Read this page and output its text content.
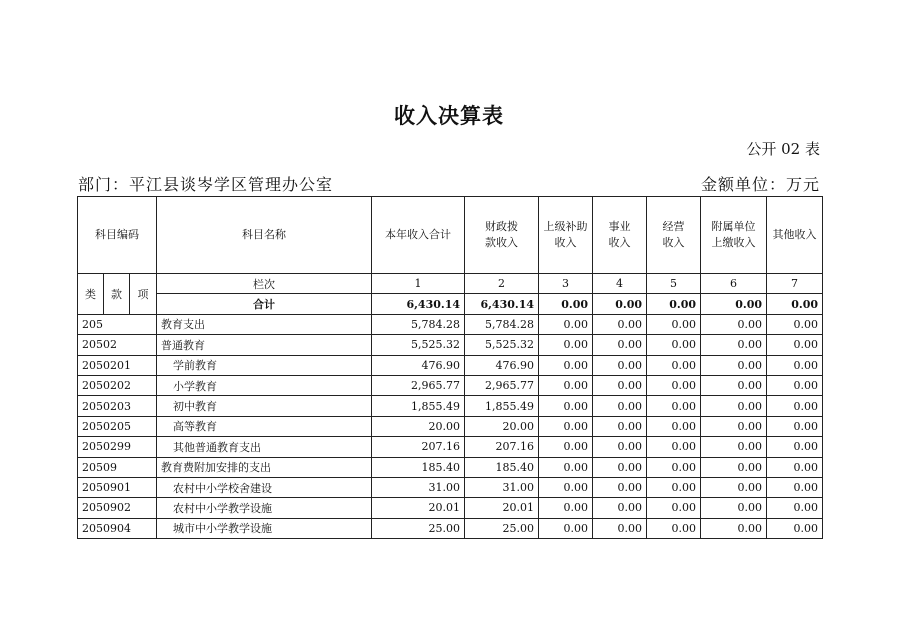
收入决算表
公开 02 表
部门：平江县谈岑学区管理办公室	金额单位：万元
科目编码			科目名称	本年收入合计	财政拨款收入	上级补助收入	事业收入	经营收入	附属单位上缴收入	其他收入
类	款	项	栏次	1	2	3	4	5	6	7
			合计	6,430.14	6,430.14	0.00	0.00	0.00	0.00	0.00
205			教育支出	5,784.28	5,784.28	0.00	0.00	0.00	0.00	0.00
20502			普通教育	5,525.32	5,525.32	0.00	0.00	0.00	0.00	0.00
2050201			学前教育	476.90	476.90	0.00	0.00	0.00	0.00	0.00
2050202			小学教育	2,965.77	2,965.77	0.00	0.00	0.00	0.00	0.00
2050203			初中教育	1,855.49	1,855.49	0.00	0.00	0.00	0.00	0.00
2050205			高等教育	20.00	20.00	0.00	0.00	0.00	0.00	0.00
2050299			其他普通教育支出	207.16	207.16	0.00	0.00	0.00	0.00	0.00
20509			教育费附加安排的支出	185.40	185.40	0.00	0.00	0.00	0.00	0.00
2050901			农村中小学校舍建设	31.00	31.00	0.00	0.00	0.00	0.00	0.00
2050902			农村中小学教学设施	20.01	20.01	0.00	0.00	0.00	0.00	0.00
2050904			城市中小学教学设施	25.00	25.00	0.00	0.00	0.00	0.00	0.00
